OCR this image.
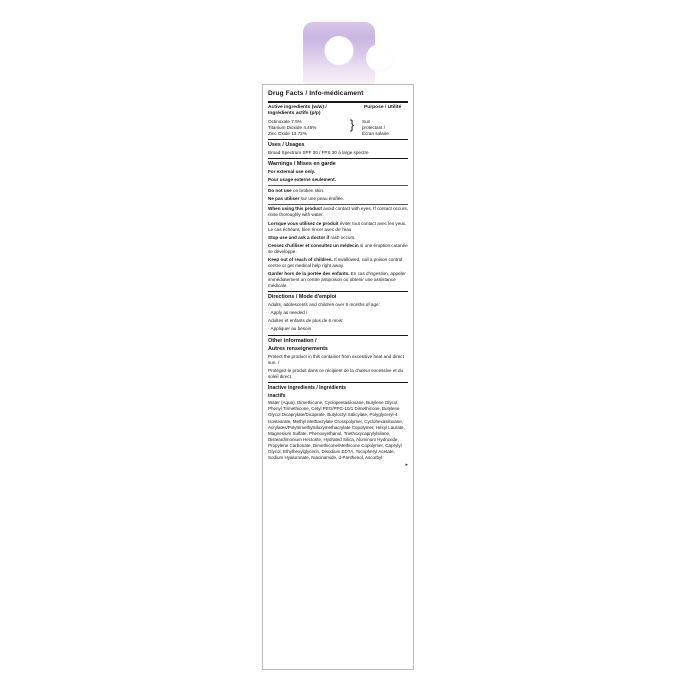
Drug Facts / Info-médicament
Active ingredients (w/w) / Ingrédients actifs (p/p)
Purpose / Utilité
Octinoxate 7.5%
Titanium Dioxide 4.45%
Zinc Oxide 13.72%
} Sun
protectant /
Écran solaire
Uses / Usages

Broad Spectrum SPF 30 / FPS 30 à large spectre

Warnings / Mises en garde

For external use only.

Pour usage externe seulement.

Do not use on broken skin.

Ne pas utiliser sur une peau éraflée.

When using this product avoid contact with eyes. If contact occurs, rinse thoroughly with water.

Lorsque vous utilisez ce produit éviter tout contact avec les yeux. Le cas échéant, bien rincer avec de l'eau

Stop use and ask a doctor if rash occurs.

Cessez d'utiliser et consultez un médecin si une éruption cutanée se développe.

Keep out of reach of children. If swallowed, call a poison control centre or get medical help right away.

Garder hors de la portée des enfants. En cas d'ingestion, appeler immédiatement un centre antipoison ou obtenir une assistance médicale.

Directions / Mode d'emploi

Adults, adolescents and children over 6 months of age:

· Apply as needed /

Adultes et enfants de plus de 6 mois:

· Appliquer au besoin

Other information /
Autres renseignements

Protect the product in this container from excessive heat and direct sun. /

Protégez le produit dans ce récipient de la chaleur excessive et du soleil direct.

Inactive ingredients / Ingrédients
inactifs
Water (Aqua), Dimethicone, Cyclopentasiloxane, Butylene Glycol, Phenyl Trimethicone, Cetyl PEG/PPG-10/1 Dimethicone, Butylene Glycol Dicaprylate/Dicaprate, Butyloctyl Salicylate, Polyglyceryl-4 Isostearate, Methyl Methacrylate Crosspolymer, Cyclohexasiloxane, Acrylates/Polytrimethylsiloxymethacrylate Copolymer, Hexyl Laurate, Magnesium Sulfate, Phenoxyethanol, Triethoxycaprylylsilane, Disteardimonium Hectorite, Hydrated Silica, Aluminum Hydroxide, Propylene Carbonate, Dimethicone/Methicone Copolymer, Caprylyl Glycol, Ethylhexylglycerin, Disodium EDTA, Tocopheryl Acetate, Sodium Hyaluronate, Niacinamide, d-Panthenol, Ascorbyl
▸
